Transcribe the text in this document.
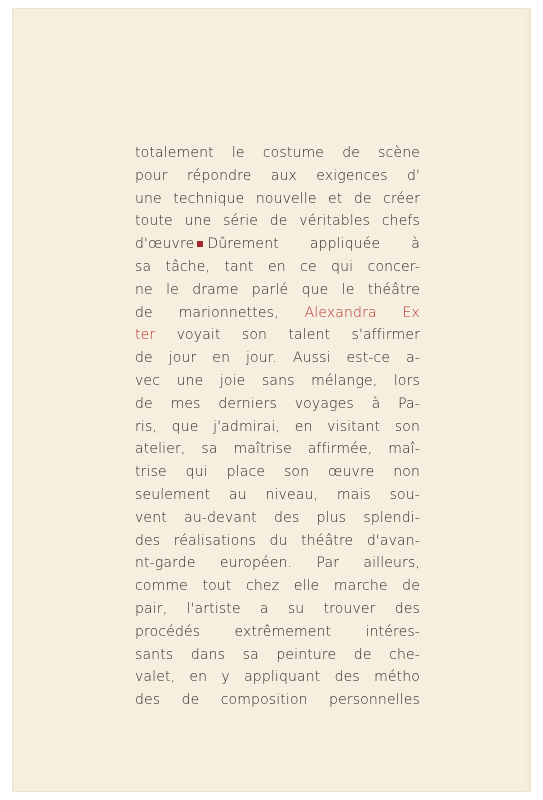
totalement le costume de scène
pour répondre aux exigences d'
une technique nouvelle et de créer
toute une série de véritables chefs
d'œuvre Dûrement appliquée à
sa tâche, tant en ce qui concer-
ne le drame parlé que le théâtre
de marionnettes, Alexandra Ex
ter voyait son talent s'affirmer
de jour en jour. Aussi est-ce a-
vec une joie sans mélange, lors
de mes derniers voyages à Pa-
ris, que j'admirai, en visitant son
atelier, sa maîtrise affirmée, maî-
trise qui place son œuvre non
seulement au niveau, mais sou-
vent au-devant des plus splendi-
des réalisations du théâtre d'avan-
nt-garde européen. Par ailleurs,
comme tout chez elle marche de
pair, l'artiste a su trouver des
procédés extrêmement intéres-
sants dans sa peinture de che-
valet, en y appliquant des métho
des de composition personnelles
